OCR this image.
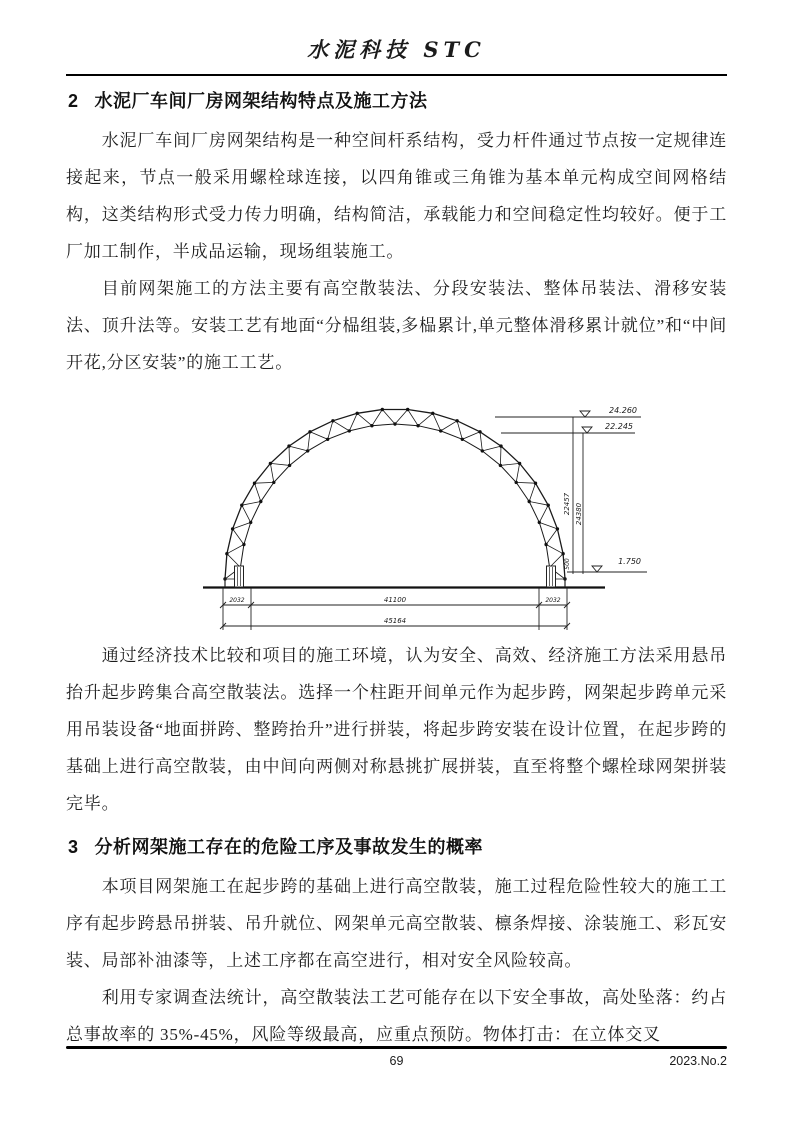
水泥科技 STC
2 水泥厂车间厂房网架结构特点及施工方法

水泥厂车间厂房网架结构是一种空间杆系结构，受力杆件通过节点按一定规律连接起来，节点一般采用螺栓球连接，以四角锥或三角锥为基本单元构成空间网格结构，这类结构形式受力传力明确，结构简洁，承载能力和空间稳定性均较好。便于工厂加工制作，半成品运输，现场组装施工。

目前网架施工的方法主要有高空散装法、分段安装法、整体吊装法、滑移安装法、顶升法等。安装工艺有地面“分榀组装,多榀累计,单元整体滑移累计就位”和“中间开花,分区安装”的施工工艺。

24.260
22.245
1.750
22457 24380
500
2032	41100	2032
45164

通过经济技术比较和项目的施工环境，认为安全、高效、经济施工方法采用悬吊抬升起步跨集合高空散装法。选择一个柱距开间单元作为起步跨，网架起步跨单元采用吊装设备“地面拼跨、整跨抬升”进行拼装，将起步跨安装在设计位置，在起步跨的基础上进行高空散装，由中间向两侧对称悬挑扩展拼装，直至将整个螺栓球网架拼装完毕。

3 分析网架施工存在的危险工序及事故发生的概率

本项目网架施工在起步跨的基础上进行高空散装，施工过程危险性较大的施工工序有起步跨悬吊拼装、吊升就位、网架单元高空散装、檩条焊接、涂装施工、彩瓦安装、局部补油漆等，上述工序都在高空进行，相对安全风险较高。

利用专家调查法统计，高空散装法工艺可能存在以下安全事故，高处坠落：约占总事故率的 35%-45%，风险等级最高，应重点预防。物体打击：在立体交叉

69	2023.No.2
